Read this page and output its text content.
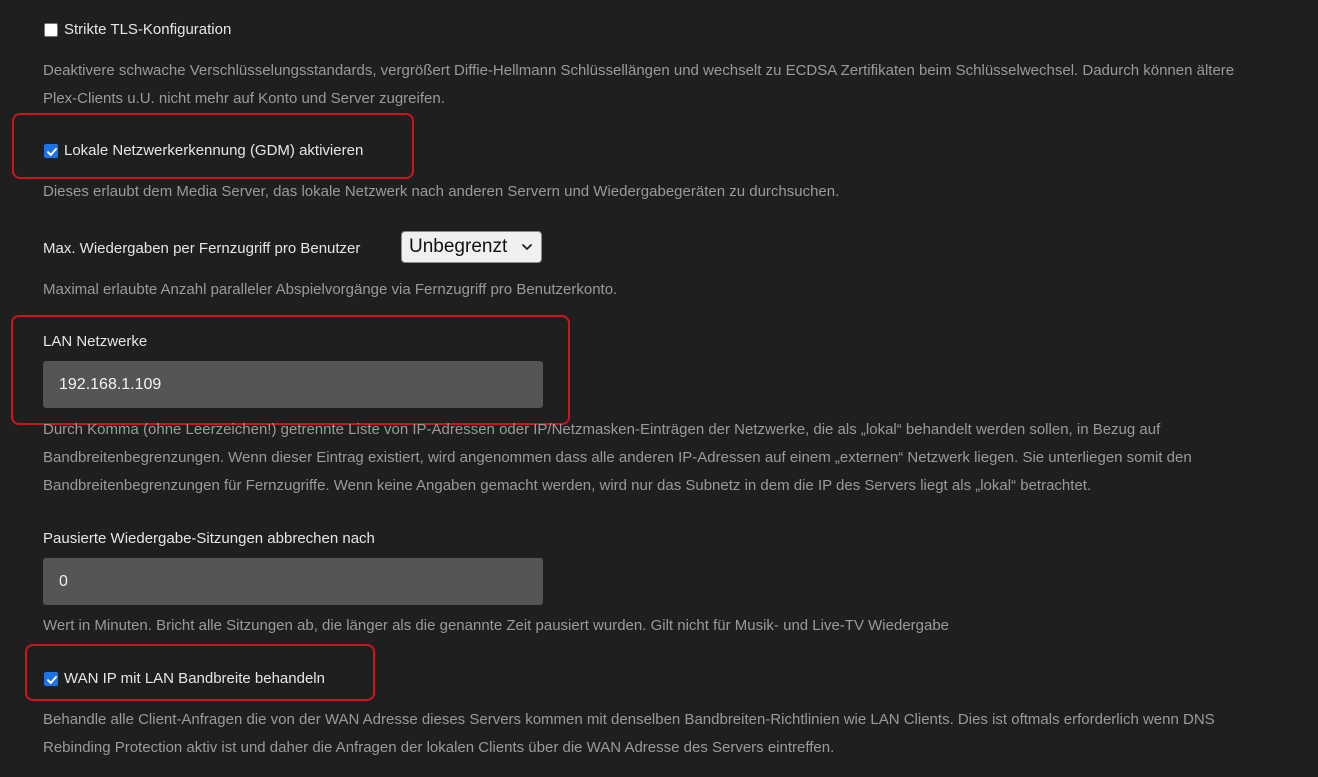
Strikte TLS-Konfiguration
Deaktivere schwache Verschlüsselungsstandards, vergrößert Diffie-Hellmann Schlüssellängen und wechselt zu ECDSA Zertifikaten beim Schlüsselwechsel. Dadurch können ältere Plex-Clients u.U. nicht mehr auf Konto und Server zugreifen.
Lokale Netzwerkerkennung (GDM) aktivieren
Dieses erlaubt dem Media Server, das lokale Netzwerk nach anderen Servern und Wiedergabegeräten zu durchsuchen.
Max. Wiedergaben per Fernzugriff pro Benutzer	Unbegrenzt
Maximal erlaubte Anzahl paralleler Abspielvorgänge via Fernzugriff pro Benutzerkonto.
LAN Netzwerke
192.168.1.109
Durch Komma (ohne Leerzeichen!) getrennte Liste von IP-Adressen oder IP/Netzmasken-Einträgen der Netzwerke, die als „lokal“ behandelt werden sollen, in Bezug auf Bandbreitenbegrenzungen. Wenn dieser Eintrag existiert, wird angenommen dass alle anderen IP-Adressen auf einem „externen“ Netzwerk liegen. Sie unterliegen somit den Bandbreitenbegrenzungen für Fernzugriffe. Wenn keine Angaben gemacht werden, wird nur das Subnetz in dem die IP des Servers liegt als „lokal“ betrachtet.
Pausierte Wiedergabe-Sitzungen abbrechen nach
0
Wert in Minuten. Bricht alle Sitzungen ab, die länger als die genannte Zeit pausiert wurden. Gilt nicht für Musik- und Live-TV Wiedergabe
WAN IP mit LAN Bandbreite behandeln
Behandle alle Client-Anfragen die von der WAN Adresse dieses Servers kommen mit denselben Bandbreiten-Richtlinien wie LAN Clients. Dies ist oftmals erforderlich wenn DNS Rebinding Protection aktiv ist und daher die Anfragen der lokalen Clients über die WAN Adresse des Servers eintreffen.
